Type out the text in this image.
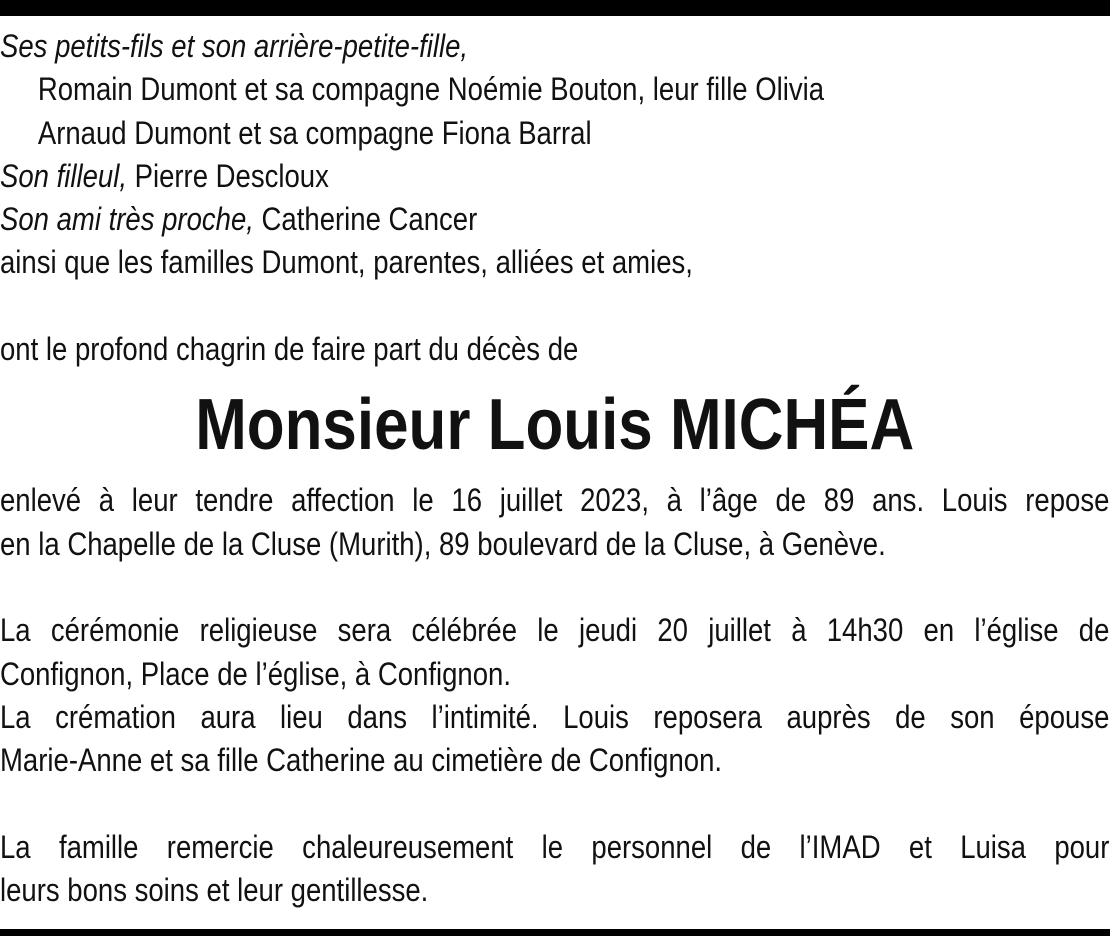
Ses petits-fils et son arrière-petite-fille,
Romain Dumont et sa compagne Noémie Bouton, leur fille Olivia
Arnaud Dumont et sa compagne Fiona Barral
Son filleul, Pierre Descloux
Son ami très proche, Catherine Cancer
ainsi que les familles Dumont, parentes, alliées et amies,
ont le profond chagrin de faire part du décès de
Monsieur Louis MICHÉA
enlevé à leur tendre affection le 16 juillet 2023, à l’âge de 89 ans. Louis repose
en la Chapelle de la Cluse (Murith), 89 boulevard de la Cluse, à Genève.
La cérémonie religieuse sera célébrée le jeudi 20 juillet à 14h30 en l’église de
Confignon, Place de l’église, à Confignon.
La crémation aura lieu dans l’intimité. Louis reposera auprès de son épouse
Marie-Anne et sa fille Catherine au cimetière de Confignon.
La famille remercie chaleureusement le personnel de l’IMAD et Luisa pour
leurs bons soins et leur gentillesse.
